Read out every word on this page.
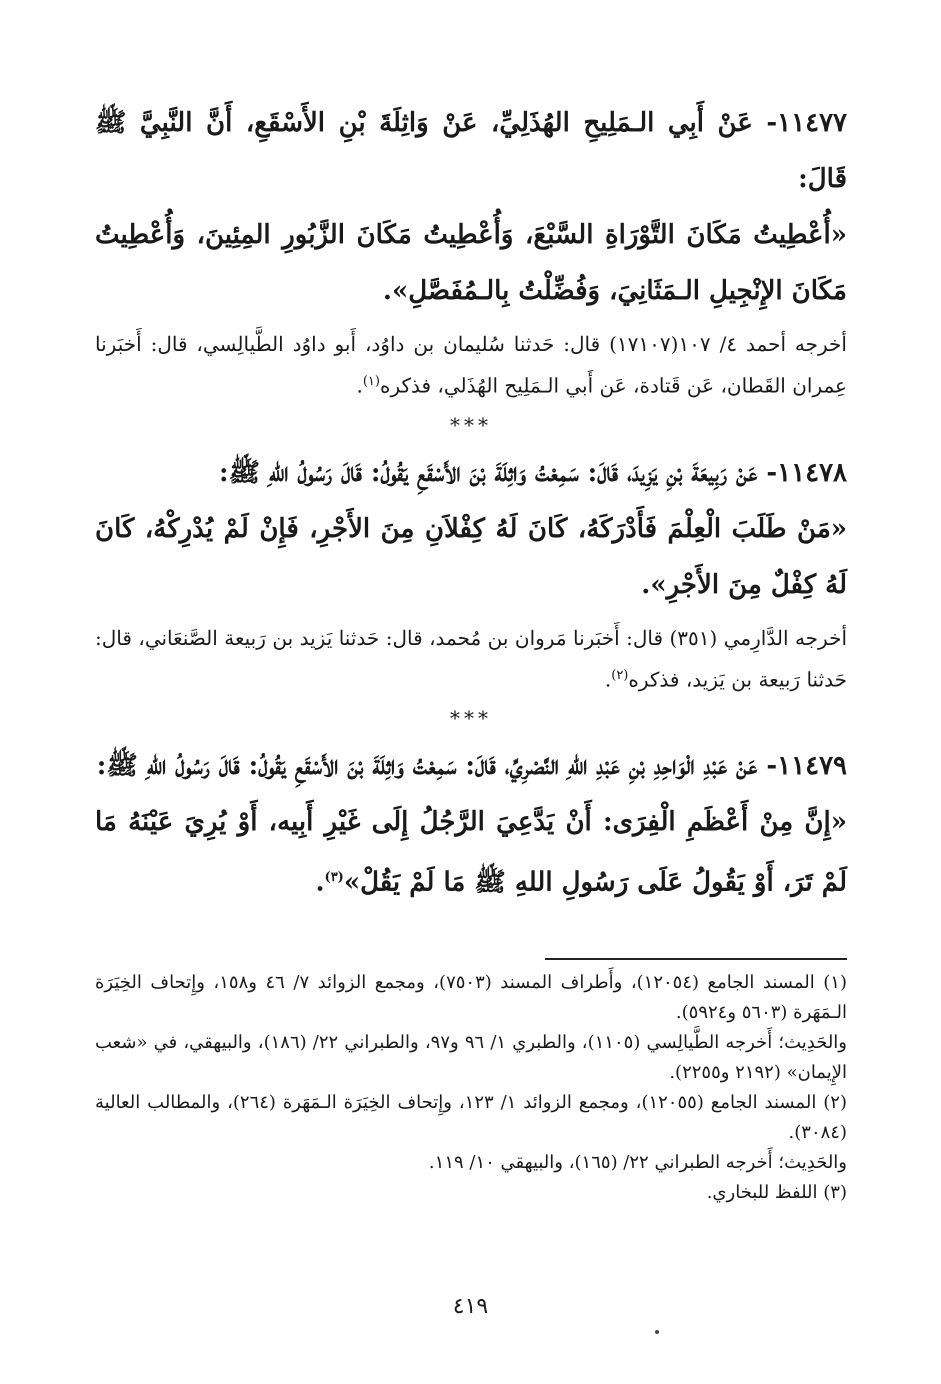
١١٤٧٧- عَنْ أَبِي الـمَلِيحِ الهُذَلِيِّ، عَنْ وَاثِلَةَ بْنِ الأَسْقَعِ، أَنَّ النَّبِيَّ ﷺ قَالَ:

«أُعْطِيتُ مَكَانَ التَّوْرَاةِ السَّبْعَ، وَأُعْطِيتُ مَكَانَ الزَّبُورِ المِئِينَ، وَأُعْطِيتُ مَكَانَ الإِنْجِيلِ الـمَثَانِيَ، وَفُضِّلْتُ بِالـمُفَصَّلِ».

أخرجه أحمد ٤/ ١٠٧(١٧١٠٧) قال: حَدثنا سُليمان بن داوُد، أَبو داوُد الطَّيالِسي، قال: أَخبَرنا عِمران القَطان، عَن قَتادة، عَن أَبي الـمَلِيح الهُذَلي، فذكره$^{(١)}$.

***

١١٤٧٨- عَنْ رَبِيعَةَ بْنِ يَزِيدَ، قَالَ: سَمِعْتُ وَاثِلَةَ بْنَ الأَسْقَعِ يَقُولُ: قَالَ رَسُولُ اللهِ ﷺ:

«مَنْ طَلَبَ الْعِلْمَ فَأَدْرَكَهُ، كَانَ لَهُ كِفْلاَنِ مِنَ الأَجْرِ، فَإِنْ لَمْ يُدْرِكْهُ، كَانَ لَهُ كِفْلٌ مِنَ الأَجْرِ».

أخرجه الدَّارِمي (٣٥١) قال: أَخبَرنا مَروان بن مُحمد، قال: حَدثنا يَزيد بن رَبيعة الصَّنعَاني، قال: حَدثنا رَبيعة بن يَزيد، فذكره$^{(٢)}$.

***

١١٤٧٩- عَنْ عَبْدِ الْوَاحِدِ بْنِ عَبْدِ اللهِ النَّصْرِيِّ، قَالَ: سَمِعْتُ وَاثِلَةَ بْنَ الأَسْقَعِ يَقُولُ: قَالَ رَسُولُ اللهِ ﷺ:

«إِنَّ مِنْ أَعْظَمِ الْفِرَى: أَنْ يَدَّعِيَ الرَّجُلُ إِلَى غَيْرِ أَبِيه، أَوْ يُرِيَ عَيْنَهُ مَا لَمْ تَرَ، أَوْ يَقُولُ عَلَى رَسُولِ اللهِ ﷺ مَا لَمْ يَقُلْ»$^{(٣)}$.

(١) المسند الجامع (١٢٠٥٤)، وأَطراف المسند (٧٥٠٣)، ومجمع الزوائد ٧/ ٤٦ و١٥٨، وإِتحاف الخِيَرَة الـمَهَرة (٥٦٠٣ و٥٩٢٤).

والحَدِيث؛ أَخرجه الطَّيالِسي (١١٠٥)، والطبري ١/ ٩٦ و٩٧، والطبراني ٢٢/ (١٨٦)، والبيهقي، في «شعب الإِيمان» (٢١٩٢ و٢٢٥٥).

(٢) المسند الجامع (١٢٠٥٥)، ومجمع الزوائد ١/ ١٢٣، وإِتحاف الخِيَرَة الـمَهَرة (٢٦٤)، والمطالب العالية (٣٠٨٤).

والحَدِيث؛ أَخرجه الطبراني ٢٢/ (١٦٥)، والبيهقي ١٠/ ١١٩.

(٣) اللفظ للبخاري.

٤١٩
